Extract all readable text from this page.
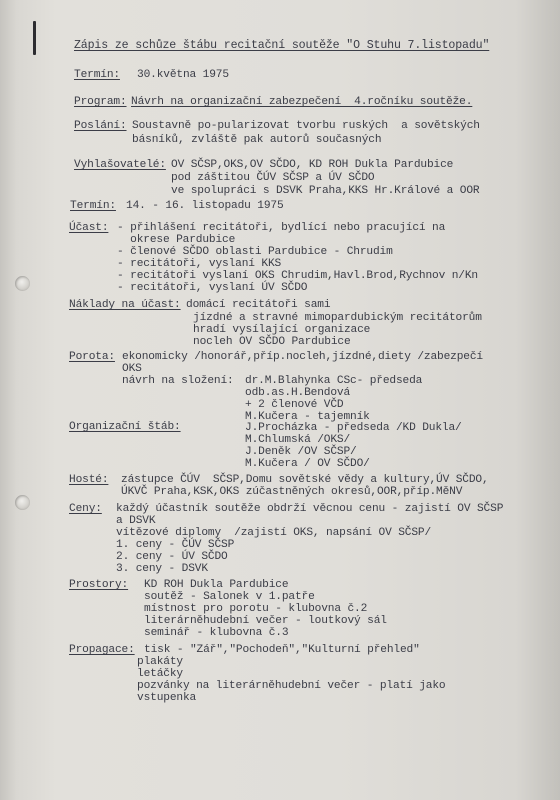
Zápis ze schůze štábu recitační soutěže "O Stuhu 7.listopadu"
Termín: 30.května 1975
Program: Návrh na organizační zabezpečení  4.ročníku soutěže.
Poslání: Soustavně po-pularizovat tvorbu ruských  a sovětských
básníků, zvláště pak autorů současných
Vyhlašovatelé: OV SČSP,OKS,OV SČDO, KD ROH Dukla Pardubice
pod záštitou ČÚV SČSP a ÚV SČDO
ve spolupráci s DSVK Praha,KKS Hr.Králové a OOR
Termín: 14. - 16. listopadu 1975
Účast: - přihlášení recitátoři, bydlící nebo pracující na
okrese Pardubice
- členové SČDO oblasti Pardubice - Chrudim
- recitátoři, vyslaní KKS
- recitátoři vyslaní OKS Chrudim,Havl.Brod,Rychnov n/Kn
- recitátoři, vyslaní ÚV SČDO
Náklady na účast: domácí recitátoři sami
jízdné a stravné mimopardubickým recitátorům
hradí vysílající organizace
nocleh OV SČDO Pardubice
Porota: ekonomicky /honorář,příp.nocleh,jízdné,diety /zabezpečí
OKS
návrh na složení: dr.M.Blahynka CSc- předseda
odb.as.H.Bendová
+ 2 členové VČD
M.Kučera - tajemník
Organizační štáb:	J.Procházka - předseda /KD Dukla/
M.Chlumská /OKS/
J.Deněk /OV SČSP/
M.Kučera / OV SČDO/
Hosté: zástupce ČÚV  SČSP,Domu sovětské vědy a kultury,ÚV SČDO,
ÚKVČ Praha,KSK,OKS zúčastněných okresů,OOR,příp.MěNV
Ceny: každý účastník soutěže obdrží věcnou cenu - zajistí OV SČSP
a DSVK
vítězové diplomy  /zajistí OKS, napsání OV SČSP/
1. ceny - ČÚV SČSP
2. ceny - ÚV SČDO
3. ceny - DSVK
Prostory: KD ROH Dukla Pardubice
soutěž - Salonek v 1.patře
místnost pro porotu - klubovna č.2
literárněhudební večer - loutkový sál
seminář - klubovna č.3
Propagace: tisk - "Zář","Pochodeň","Kulturní přehled"
plakáty
letáčky
pozvánky na literárněhudební večer - platí jako
vstupenka
